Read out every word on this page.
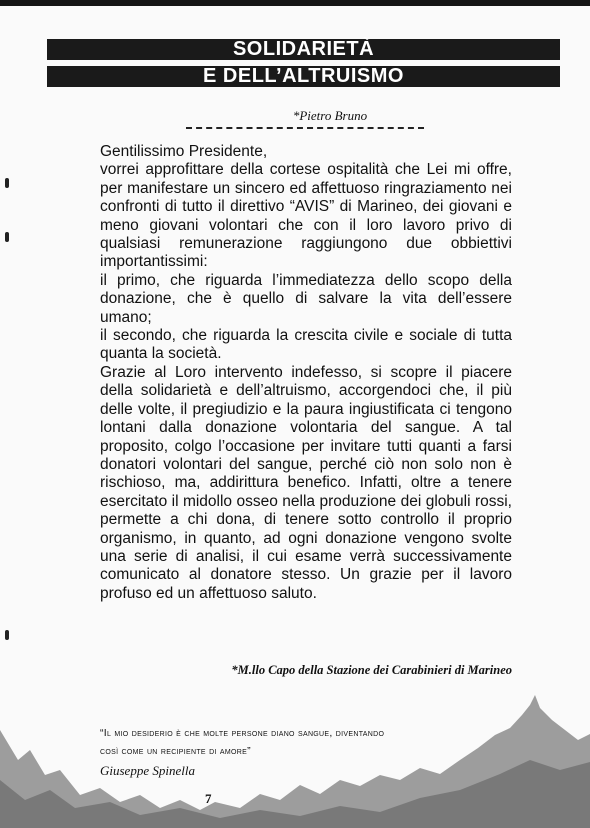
SOLIDARIETÀ
E DELL’ALTRUISMO
*Pietro Bruno

Gentilissimo Presidente,

vorrei approfittare della cortese ospitalità che Lei mi offre, per manifestare un sincero ed affettuoso ringraziamento nei confronti di tutto il direttivo “AVIS” di Marineo, dei giovani e meno giovani volontari che con il loro lavoro privo di qualsiasi remunerazione raggiungono due obbiettivi importantissimi:

il primo, che riguarda l’immediatezza dello scopo della donazione, che è quello di salvare la vita dell’essere umano;

il secondo, che riguarda la crescita civile e sociale di tutta quanta la società.

Grazie al Loro intervento indefesso, si scopre il piacere della solidarietà e dell’altruismo, accorgendoci che, il più delle volte, il pregiudizio e la paura ingiustificata ci tengono lontani dalla donazione volontaria del sangue. A tal proposito, colgo l’occasione per invitare tutti quanti a farsi donatori volontari del sangue, perché ciò non solo non è rischioso, ma, addirittura benefico. Infatti, oltre a tenere esercitato il midollo osseo nella produzione dei globuli rossi, permette a chi dona, di tenere sotto controllo il proprio organismo, in quanto, ad ogni donazione vengono svolte una serie di analisi, il cui esame verrà successivamente comunicato al donatore stesso. Un grazie per il lavoro profuso ed un affettuoso saluto.

*M.llo Capo della Stazione dei Carabinieri di Marineo
“Il mio desiderio è che molte persone diano sangue, diventando
così come un recipiente di amore”
Giuseppe Spinella
7
